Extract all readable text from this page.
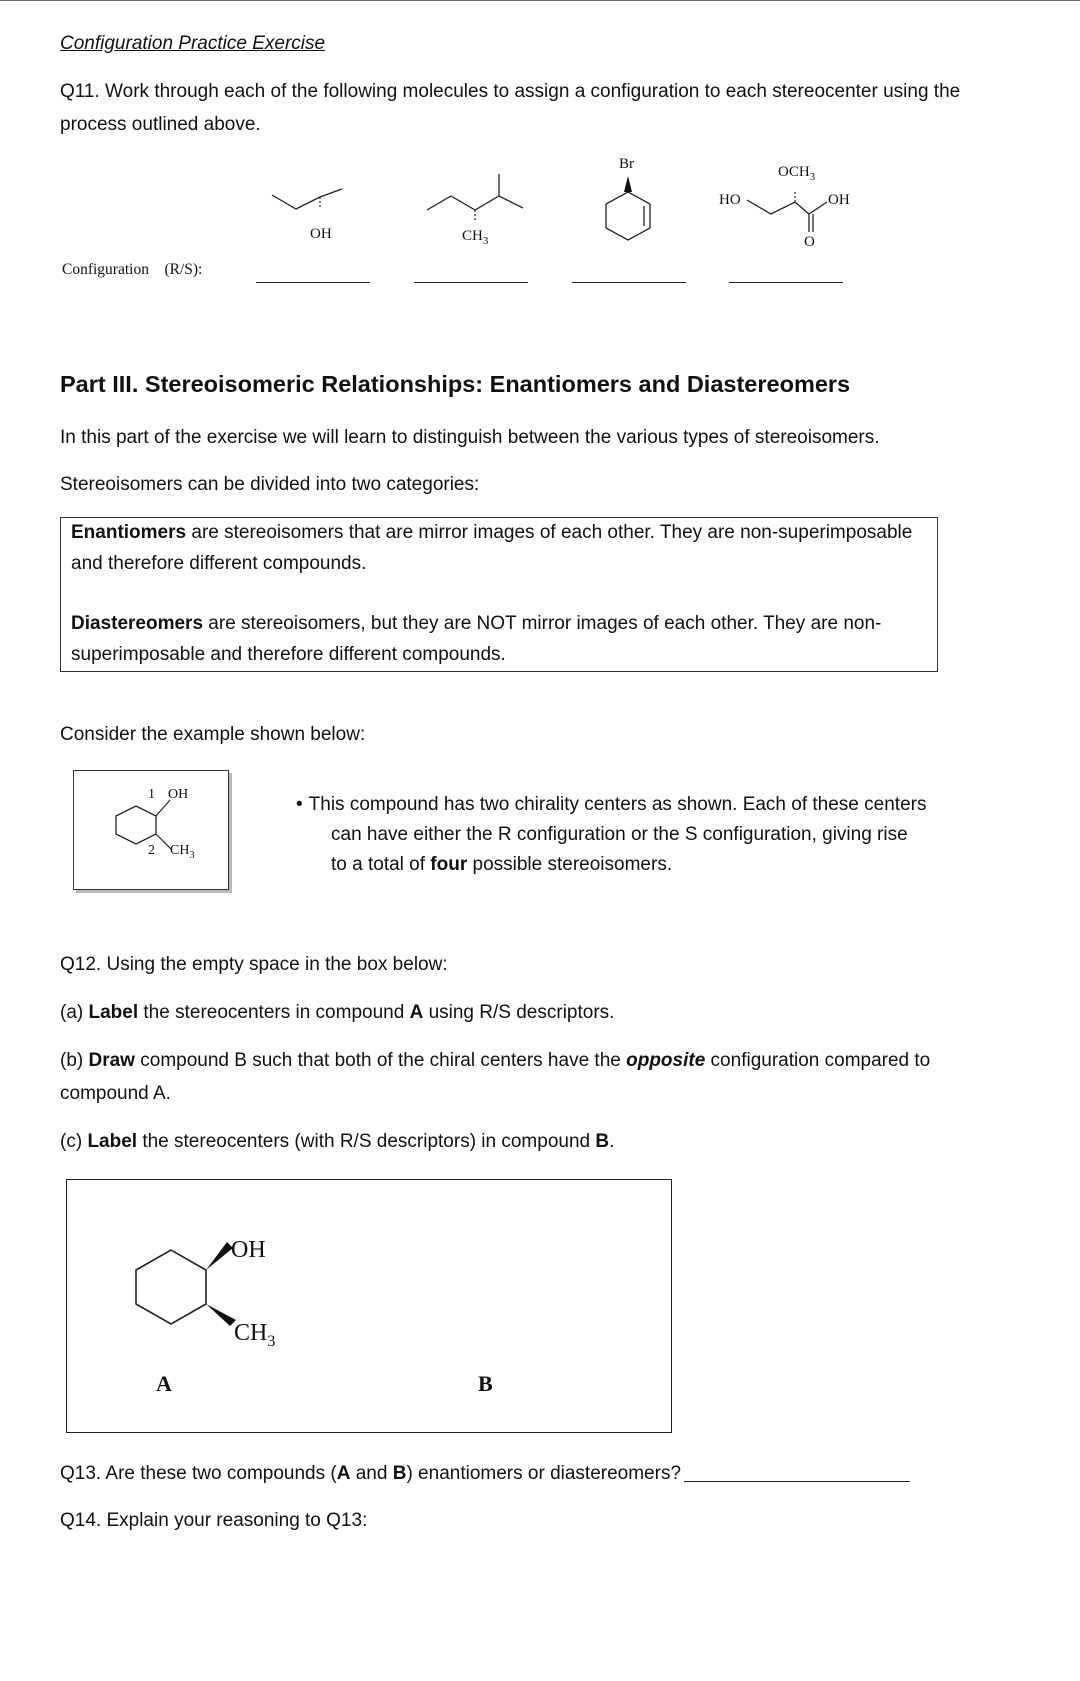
Configuration Practice Exercise
Q11. Work through each of the following molecules to assign a configuration to each stereocenter using the
process outlined above.
OH	$CH_3$
Br	$OCH_3$
HO	OH
O
Configuration (R/S):
Part III. Stereoisomeric Relationships: Enantiomers and Diastereomers
In this part of the exercise we will learn to distinguish between the various types of stereoisomers.
Stereoisomers can be divided into two categories:
Enantiomers are stereoisomers that are mirror images of each other. They are non-superimposable
and therefore different compounds.
Diastereomers are stereoisomers, but they are NOT mirror images of each other. They are non-
superimposable and therefore different compounds.
Consider the example shown below:
1 OH
2 $CH_3$
• This compound has two chirality centers as shown. Each of these centers
can have either the R configuration or the S configuration, giving rise
to a total of four possible stereoisomers.
Q12. Using the empty space in the box below:
(a) Label the stereocenters in compound A using R/S descriptors.
(b) Draw compound B such that both of the chiral centers have the opposite configuration compared to
compound A.
(c) Label the stereocenters (with R/S descriptors) in compound B.
OH
$CH_3$
A	B
Q13. Are these two compounds (A and B) enantiomers or diastereomers?
Q14. Explain your reasoning to Q13:
